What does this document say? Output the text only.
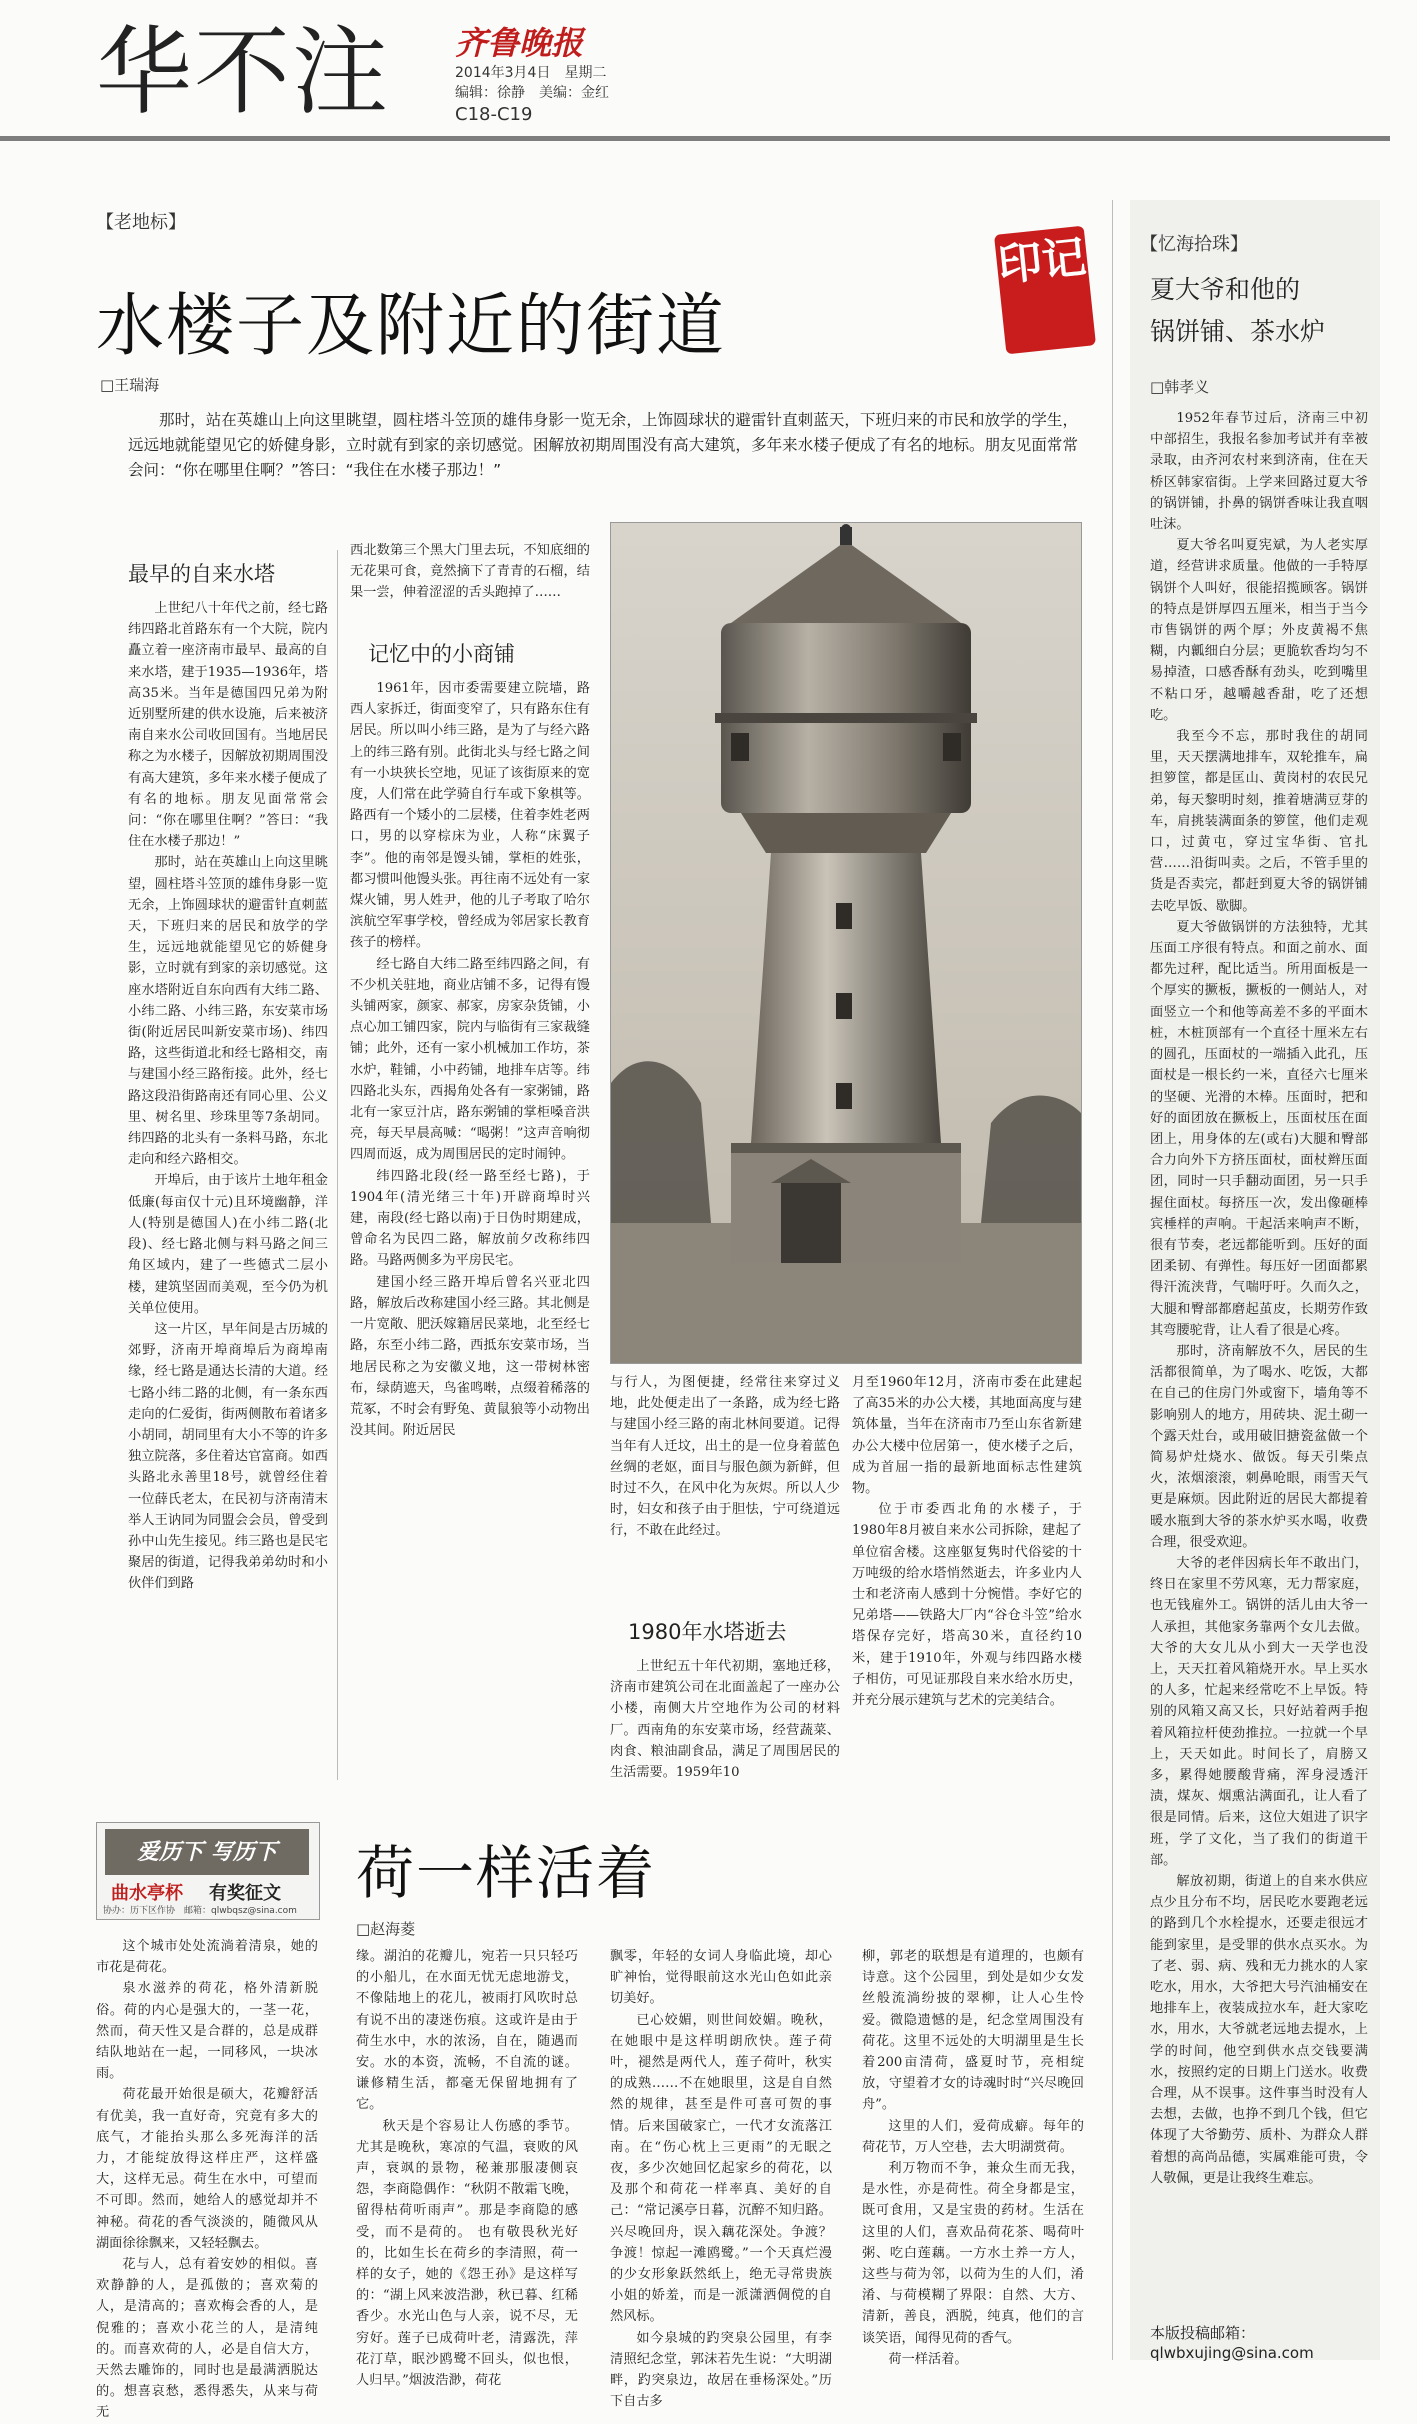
华不注 齐鲁晚报
2014年3月4日　星期二
编辑：徐静　美编：金红
C18-C19
【老地标】
水楼子及附近的街道
□王瑞海
印记
那时，站在英雄山上向这里眺望，圆柱塔斗笠顶的雄伟身影一览无余，上饰圆球状的避雷针直刺蓝天，下班归来的市民和放学的学生，远远地就能望见它的娇健身影，立时就有到家的亲切感觉。困解放初期周围没有高大建筑，多年来水楼子便成了有名的地标。朋友见面常常会问：“你在哪里住啊？”答曰：“我住在水楼子那边！”
最早的自来水塔

上世纪八十年代之前，经七路纬四路北首路东有一个大院，院内矗立着一座济南市最早、最高的自来水塔，建于1935—1936年，塔高35米。当年是德国四兄弟为附近别墅所建的供水设施，后来被济南自来水公司收回国有。当地居民称之为水楼子，因解放初期周围没有高大建筑，多年来水楼子便成了有名的地标。朋友见面常常会问：“你在哪里住啊？”答曰：“我住在水楼子那边！”

那时，站在英雄山上向这里眺望，圆柱塔斗笠顶的雄伟身影一览无余，上饰圆球状的避雷针直刺蓝天，下班归来的居民和放学的学生，远远地就能望见它的娇健身影，立时就有到家的亲切感觉。这座水塔附近自东向西有大纬二路、小纬二路、小纬三路，东安菜市场街(附近居民叫新安菜市场)、纬四路，这些街道北和经七路相交，南与建国小经三路衔接。此外，经七路这段沿街路南还有同心里、公义里、树名里、珍珠里等7条胡同。纬四路的北头有一条料马路，东北走向和经六路相交。

开埠后，由于该片土地年租金低廉(每亩仅十元)且环境幽静，洋人(特别是德国人)在小纬二路(北段)、经七路北侧与料马路之间三角区域内，建了一些德式二层小楼，建筑坚固而美观，至今仍为机关单位使用。

这一片区，早年间是古历城的郊野，济南开埠商埠后为商埠南缘，经七路是通达长清的大道。经七路小纬二路的北侧，有一条东西走向的仁爱街，街两侧散布着诸多小胡同，胡同里有大小不等的许多独立院落，多住着达官富商。如西头路北永善里18号，就曾经住着一位薛氏老太，在民初与济南清末举人王讷同为同盟会会员，曾受到孙中山先生接见。纬三路也是民宅聚居的街道，记得我弟弟幼时和小伙伴们到路

西北数第三个黑大门里去玩，不知底细的无花果可食，竟然摘下了青青的石榴，结果一尝，伸着涩涩的舌头跑掉了……

记忆中的小商铺

1961年，因市委需要建立院墙，路西人家拆迁，街面变窄了，只有路东住有居民。所以叫小纬三路，是为了与经六路上的纬三路有别。此街北头与经七路之间有一小块狭长空地，见证了该街原来的宽度，人们常在此学骑自行车或下象棋等。路西有一个矮小的二层楼，住着李姓老两口，男的以穿棕床为业，人称“床翼子李”。他的南邻是馒头铺，掌柜的姓张，都习惯叫他馒头张。再往南不远处有一家煤火铺，男人姓尹，他的儿子考取了哈尔滨航空军事学校，曾经成为邻居家长教育孩子的榜样。

经七路自大纬二路至纬四路之间，有不少机关驻地，商业店铺不多，记得有馒头铺两家，颜家、郝家，房家杂货铺，小点心加工铺四家，院内与临街有三家裁缝铺；此外，还有一家小机械加工作坊，茶水炉，鞋铺，小中药铺，地排车店等。纬四路北头东，西揭角处各有一家粥铺，路北有一家豆汁店，路东粥铺的掌柜嗓音洪亮，每天早晨高喊：“喝粥！”这声音响彻四周而返，成为周围居民的定时闹钟。

纬四路北段(经一路至经七路)，于1904年(清光绪三十年)开辟商埠时兴建，南段(经七路以南)于日伪时期建成，曾命名为民四二路，解放前夕改称纬四路。马路两侧多为平房民宅。

建国小经三路开埠后曾名兴亚北四路，解放后改称建国小经三路。其北侧是一片宽敞、肥沃嫁籍居民菜地，北至经七路，东至小纬二路，西抵东安菜市场，当地居民称之为安徽义地，这一带树林密布，绿荫遮天，鸟雀鸣啭，点缀着稀落的荒冢，不时会有野兔、黄鼠狼等小动物出没其间。附近居民

与行人，为图便捷，经常往来穿过义地，此处便走出了一条路，成为经七路与建国小经三路的南北林间要道。记得当年有人迁坟，出土的是一位身着蓝色丝绸的老妪，面目与服色颜为新鲜，但时过不久，在风中化为灰烬。所以人少时，妇女和孩子由于胆怯，宁可绕道远行，不敢在此经过。

1980年水塔逝去

上世纪五十年代初期，塞地迁移，济南市建筑公司在北面盖起了一座办公小楼，南侧大片空地作为公司的材料厂。西南角的东安菜市场，经营蔬菜、肉食、粮油副食品，满足了周围居民的生活需要。1959年10

月至1960年12月，济南市委在此建起了高35米的办公大楼，其地面高度与建筑体量，当年在济南市乃至山东省新建办公大楼中位居第一，使水楼子之后，成为首屈一指的最新地面标志性建筑物。

位于市委西北角的水楼子，于1980年8月被自来水公司拆除，建起了单位宿舍楼。这座躯复隽时代俗娑的十万吨级的给水塔悄然逝去，许多业内人士和老济南人感到十分惋惜。李好它的兄弟塔——铁路大厂内“谷仓斗笠”给水塔保存完好，塔高30米，直径约10米，建于1910年，外观与纬四路水楼子相仿，可见证那段自来水给水历史，并充分展示建筑与艺术的完美结合。

【忆海拾珠】
夏大爷和他的
锅饼铺、茶水炉
□韩孝义

1952年春节过后，济南三中初中部招生，我报名参加考试并有幸被录取，由齐河农村来到济南，住在天桥区韩家宿街。上学来回路过夏大爷的锅饼铺，扑鼻的锅饼香味让我直咽吐沫。

夏大爷名叫夏宪斌，为人老实厚道，经营讲求质量。他做的一手特厚锅饼个人叫好，很能招揽顾客。锅饼的特点是饼厚四五厘米，相当于当今市售锅饼的两个厚；外皮黄褐不焦糊，内瓤细白分层；更脆软香均匀不易掉渣，口感香酥有劲头，吃到嘴里不粘口牙，越嚼越香甜，吃了还想吃。

我至今不忘，那时我住的胡同里，天天摆满地排车，双轮推车，扁担箩筐，都是匡山、黄岗村的农民兄弟，每天黎明时刻，推着塘满豆芽的车，肩挑装满面条的箩筐，他们走观口，过黄屯，穿过宝华街、官扎营……沿街叫卖。之后，不管手里的货是否卖完，都赶到夏大爷的锅饼铺去吃早饭、歇脚。

夏大爷做锅饼的方法独特，尤其压面工序很有特点。和面之前水、面都先过秤，配比适当。所用面板是一个厚实的撅板，撅板的一侧站人，对面竖立一个和他等高差不多的平面木桩，木桩顶部有一个直径十厘米左右的圆孔，压面杖的一端插入此孔，压面杖是一根长约一米，直径六七厘米的坚硬、光滑的木棒。压面时，把和好的面团放在撅板上，压面杖压在面团上，用身体的左(或右)大腿和臀部合力向外下方挤压面杖，面杖辫压面团，同时一只手翻动面团，另一只手握住面杖。每挤压一次，发出像砸棒宾棰样的声响。干起活来响声不断，很有节奏，老远都能听到。压好的面团柔韧、有弹性。每压好一团面都累得汗流浃背，气喘吁吁。久而久之，大腿和臀部都磨起茧皮，长期劳作致其弯腰驼背，让人看了很是心疼。

那时，济南解放不久，居民的生活都很简单，为了喝水、吃饭，大都在自己的住房门外或窗下，墙角等不影响别人的地方，用砖块、泥土砌一个露天灶台，或用破旧搪瓷盆做一个简易炉灶烧水、做饭。每天引柴点火，浓烟滚滚，刺鼻呛眼，雨雪天气更是麻烦。因此附近的居民大都提着暖水瓶到大爷的茶水炉买水喝，收费合理，很受欢迎。

大爷的老伴因病长年不敢出门，终日在家里不劳风寒，无力帮家庭，也无钱雇外工。锅饼的活儿由大爷一人承担，其他家务靠两个女儿去做。大爷的大女儿从小到大一天学也没上，天天扛着风箱烧开水。早上买水的人多，忙起来经常吃不上早饭。特别的风箱又高又长，只好站着两手抱着风箱拉杆使劲推拉。一拉就一个早上，天天如此。时间长了，肩膀又多，累得她腰酸背痛，浑身浸透汗渍，煤灰、烟熏沾满面孔，让人看了很是同情。后来，这位大姐进了识字班，学了文化，当了我们的街道干部。

解放初期，街道上的自来水供应点少且分布不均，居民吃水要跑老远的路到几个水栓提水，还要走很远才能到家里，是受罪的供水点买水。为了老、弱、病、残和无力挑水的人家吃水，用水，大爷把大号汽油桶安在地排车上，夜装成拉水车，赶大家吃水，用水，大爷就老远地去提水，上学的时间，他空到供水点交钱要满水，按照约定的日期上门送水。收费合理，从不误事。这件事当时没有人去想，去做，也挣不到几个钱，但它体现了大爷勤劳、质朴、为群众人群着想的高尚品德，实属难能可贵，令人敬佩，更是让我终生难忘。

本版投稿邮箱：
qlwbxujing@sina.com
爱历下 写历下
曲水亭杯 有奖征文
协办：历下区作协　邮箱：qlwbqsz@sina.com
荷一样活着
□赵海菱

这个城市处处流淌着清泉，她的市花是荷花。

泉水滋养的荷花，格外清新脱俗。荷的内心是强大的，一茎一花，然而，荷天性又是合群的，总是成群结队地站在一起，一同移风，一块冰雨。

荷花最开始很是硕大，花瓣舒活有优美，我一直好奇，究竟有多大的底气，才能抬头那么多死海洋的活力，才能绽放得这样庄严，这样盛大，这样无忌。荷生在水中，可望而不可即。然而，她给人的感觉却并不神秘。荷花的香气淡淡的，随微风从湖面徐徐飘来，又轻轻飘去。

花与人，总有着安妙的相似。喜欢静静的人，是孤傲的；喜欢菊的人，是清高的；喜欢梅会香的人，是倪雅的；喜欢小花兰的人，是清纯的。而喜欢荷的人，必是自信大方，天然去雕饰的，同时也是最满洒脱达的。想喜哀愁，悉得悉失，从来与荷无

缘。湖泊的花瓣儿，宛若一只只轻巧的小船儿，在水面无忧无虑地游戈，不像陆地上的花儿，被雨打风吹时总有说不出的凄迷伤痕。这或许是由于荷生水中，水的浓汤，自在，随遇而安。水的本资，流畅，不自流的谜。谦修精生活，都毫无保留地拥有了它。

秋天是个容易让人伤感的季节。尤其是晚秋，寒凉的气温，衰败的风声，衰飒的景物，秘兼那服凄侧哀怨，李商隐偶作：“秋阴不散霜飞晚，留得枯荷听雨声”。那是李商隐的感受，而不是荷的。 也有敬畏秋光好的，比如生长在荷乡的李清照，荷一样的女子，她的《怨王孙》是这样写的：“湖上风来波浩渺，秋已暮、红稀香少。水光山色与人亲，说不尽，无穷好。莲子已成荷叶老，清露洗，萍花汀草，眠沙鸥鹭不回头，似也恨，人归早。”烟波浩渺，荷花

飘零，年轻的女词人身临此境，却心旷神怡，觉得眼前这水光山色如此亲切美好。

已心姣媚，则世间姣媚。晚秋，在她眼中是这样明朗欣快。莲子荷叶，褪然是两代人，莲子荷叶，秋实的成熟……不在她眼里，这是自自然然的规律，甚至是件可喜可贺的事情。后来国破家亡，一代才女流落江南。在“伤心枕上三更雨”的无眠之夜，多少次她回忆起家乡的荷花，以及那个和荷花一样率真、美好的自己：“常记溪亭日暮，沉醉不知归路。兴尽晚回舟，误入藕花深处。争渡？争渡！惊起一滩鸥鹭。”一个天真烂漫的少女形象跃然纸上，绝无寻常贵族小姐的娇羞，而是一派潇洒倜傥的自然风标。

如今泉城的趵突泉公园里，有李清照纪念堂，郭沫若先生说：“大明湖畔，趵突泉边，故居在垂杨深处。”历下自古多

柳，郭老的联想是有道理的，也颇有诗意。这个公园里，到处是如少女发丝般流淌纷披的翠柳，让人心生怜爱。微隐遗憾的是，纪念堂周围没有荷花。这里不远处的大明湖里是生长着200亩清荷，盛夏时节，亮相绽放，守望着才女的诗魂时时“兴尽晚回舟”。

这里的人们，爱荷成癖。每年的荷花节，万人空巷，去大明湖赏荷。

利万物而不争，兼众生而无我，是水性，亦是荷性。荷全身都是宝，既可食用，又是宝贵的药材。生活在这里的人们，喜欢品荷花茶、喝荷叶粥、吃白莲藕。一方水土养一方人，这些与荷为邻，以荷为生的人们，淆淆、与荷模糊了界限：自然、大方、清新，善良，洒脱，纯真，他们的言谈笑语，闻得见荷的香气。

荷一样活着。
